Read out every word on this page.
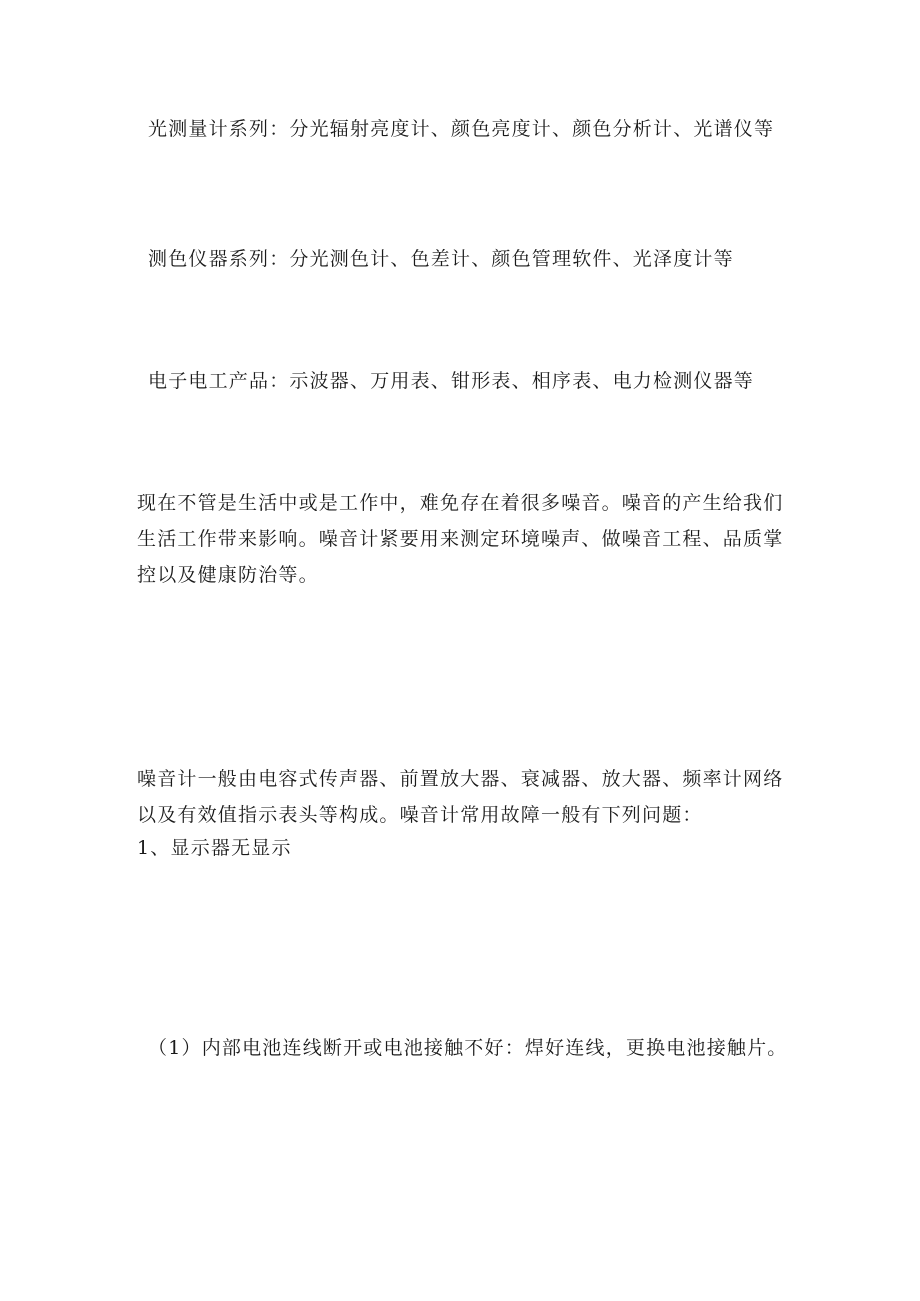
光测量计系列：分光辐射亮度计、颜色亮度计、颜色分析计、光谱仪等

测色仪器系列：分光测色计、色差计、颜色管理软件、光泽度计等

电子电工产品：示波器、万用表、钳形表、相序表、电力检测仪器等

现在不管是生活中或是工作中，难免存在着很多噪音。噪音的产生给我们生活工作带来影响。噪音计紧要用来测定环境噪声、做噪音工程、品质掌控以及健康防治等。

噪音计一般由电容式传声器、前置放大器、衰减器、放大器、频率计网络以及有效值指示表头等构成。噪音计常用故障一般有下列问题：

1、显示器无显示

（1）内部电池连线断开或电池接触不好：焊好连线，更换电池接触片。
